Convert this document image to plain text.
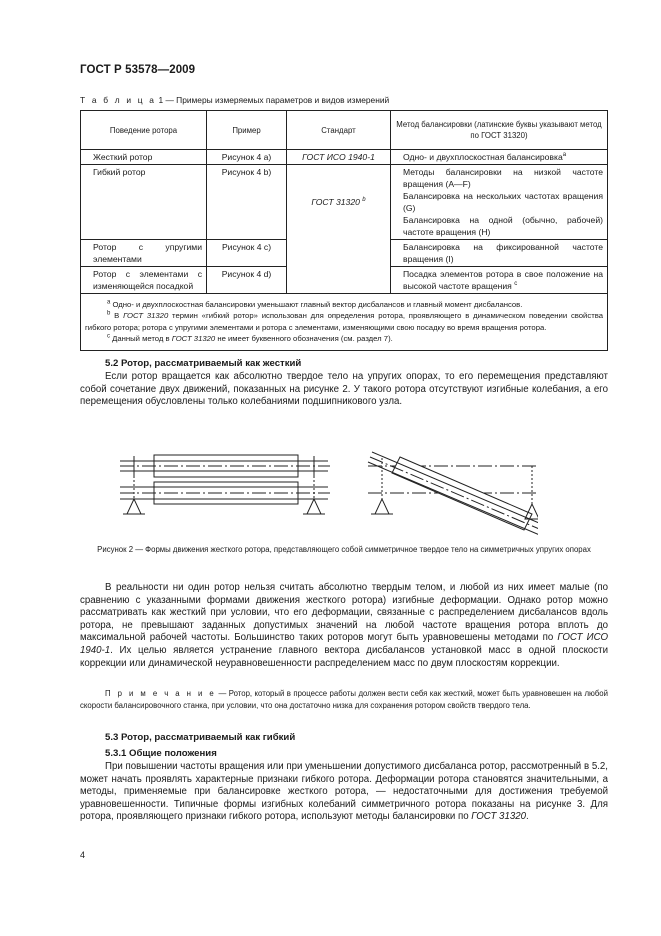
ГОСТ Р 53578—2009
Т а б л и ц а 1 — Примеры измеряемых параметров и видов измерений
Поведение ротора	Пример	Стандарт	Метод балансировки (латинские буквы указывают метод по ГОСТ 31320)
Жесткий ротор	Рисунок 4 а)	ГОСТ ИСО 1940-1	Одно- и двухплоскостная балансировка$^a$
Гибкий ротор	Рисунок 4 b)	ГОСТ 31320 $^b$	Методы балансировки на низкой частоте вращения (A—F)
Балансировка на нескольких частотах вращения (G)
Балансировка на одной (обычно, рабочей) частоте вращения (H)

Ротор с упругими элементами	Рисунок 4 с)		Балансировка на фиксированной частоте вращения (I)
Ротор с элементами с изменяющейся посадкой	Рисунок 4 d)		Посадка элементов ротора в свое положение на высокой частоте вращения $^с$

$^a$ Одно- и двухплоскостная балансировки уменьшают главный вектор дисбалансов и главный момент дисбалансов.

$^b$ В ГОСТ 31320 термин «гибкий ротор» использован для определения ротора, проявляющего в динамическом поведении свойства гибкого ротора; ротора с упругими элементами и ротора с элементами, изменяющими свою посадку во время вращения ротора.

$^с$ Данный метод в ГОСТ 31320 не имеет буквенного обозначения (см. раздел 7).			

5.2 Ротор, рассматриваемый как жесткий

Если ротор вращается как абсолютно твердое тело на упругих опорах, то его перемещения представляют собой сочетание двух движений, показанных на рисунке 2. У такого ротора отсутствуют изгибные колебания, а его перемещения обусловлены только колебаниями подшипникового узла.

Рисунок 2 — Формы движения жесткого ротора, представляющего собой симметричное твердое тело на симметричных упругих опорах

В реальности ни один ротор нельзя считать абсолютно твердым телом, и любой из них имеет малые (по сравнению с указанными формами движения жесткого ротора) изгибные деформации. Однако ротор можно рассматривать как жесткий при условии, что его деформации, связанные с распределением дисбалансов вдоль ротора, не превышают заданных допустимых значений на любой частоте вращения ротора вплоть до максимальной рабочей частоты. Большинство таких роторов могут быть уравновешены методами по ГОСТ ИСО 1940-1. Их целью является устранение главного вектора дисбалансов установкой масс в одной плоскости коррекции или динамической неуравновешенности распределением масс по двум плоскостям коррекции.

П р и м е ч а н и е — Ротор, который в процессе работы должен вести себя как жесткий, может быть уравновешен на любой скорости балансировочного станка, при условии, что она достаточно низка для сохранения ротором свойств твердого тела.

5.3 Ротор, рассматриваемый как гибкий
5.3.1 Общие положения

При повышении частоты вращения или при уменьшении допустимого дисбаланса ротор, рассмотренный в 5.2, может начать проявлять характерные признаки гибкого ротора. Деформации ротора становятся значительными, а методы, применяемые при балансировке жесткого ротора, — недостаточными для достижения требуемой уравновешенности. Типичные формы изгибных колебаний симметричного ротора показаны на рисунке 3. Для ротора, проявляющего признаки гибкого ротора, используют методы балансировки по ГОСТ 31320.

4
